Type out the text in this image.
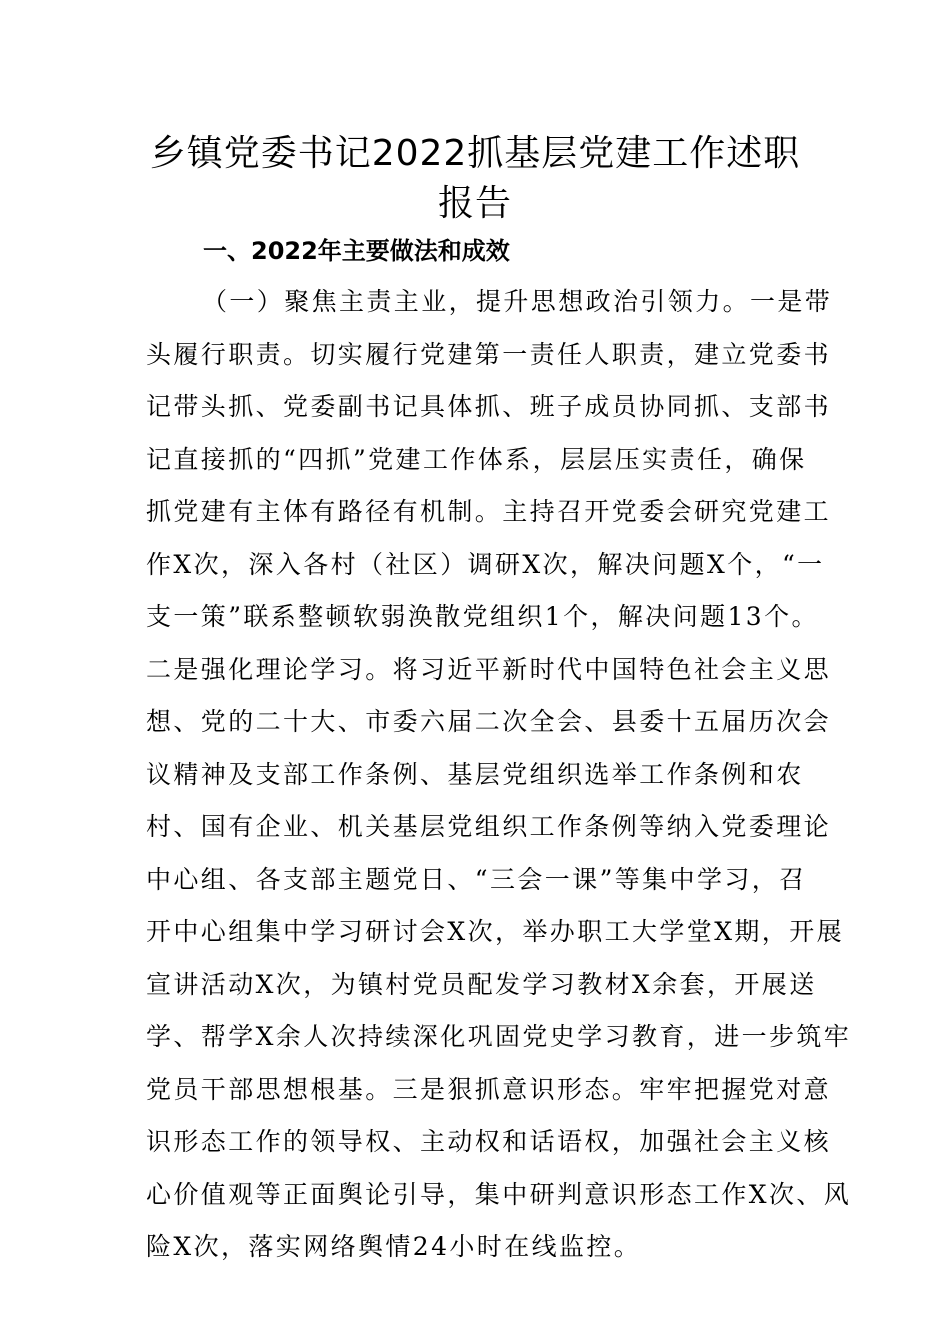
乡镇党委书记2022抓基层党建工作述职
报告
一、2022年主要做法和成效
（一）聚焦主责主业，提升思想政治引领力。一是带
头履行职责。切实履行党建第一责任人职责，建立党委书
记带头抓、党委副书记具体抓、班子成员协同抓、支部书
记直接抓的“四抓”党建工作体系，层层压实责任，确保
抓党建有主体有路径有机制。主持召开党委会研究党建工
作X次，深入各村（社区）调研X次，解决问题X个，“一
支一策”联系整顿软弱涣散党组织1个，解决问题13个。
二是强化理论学习。将习近平新时代中国特色社会主义思
想、党的二十大、市委六届二次全会、县委十五届历次会
议精神及支部工作条例、基层党组织选举工作条例和农
村、国有企业、机关基层党组织工作条例等纳入党委理论
中心组、各支部主题党日、“三会一课”等集中学习，召
开中心组集中学习研讨会X次，举办职工大学堂X期，开展
宣讲活动X次，为镇村党员配发学习教材X余套，开展送
学、帮学X余人次持续深化巩固党史学习教育，进一步筑牢
党员干部思想根基。三是狠抓意识形态。牢牢把握党对意
识形态工作的领导权、主动权和话语权，加强社会主义核
心价值观等正面舆论引导，集中研判意识形态工作X次、风
险X次，落实网络舆情24小时在线监控。
